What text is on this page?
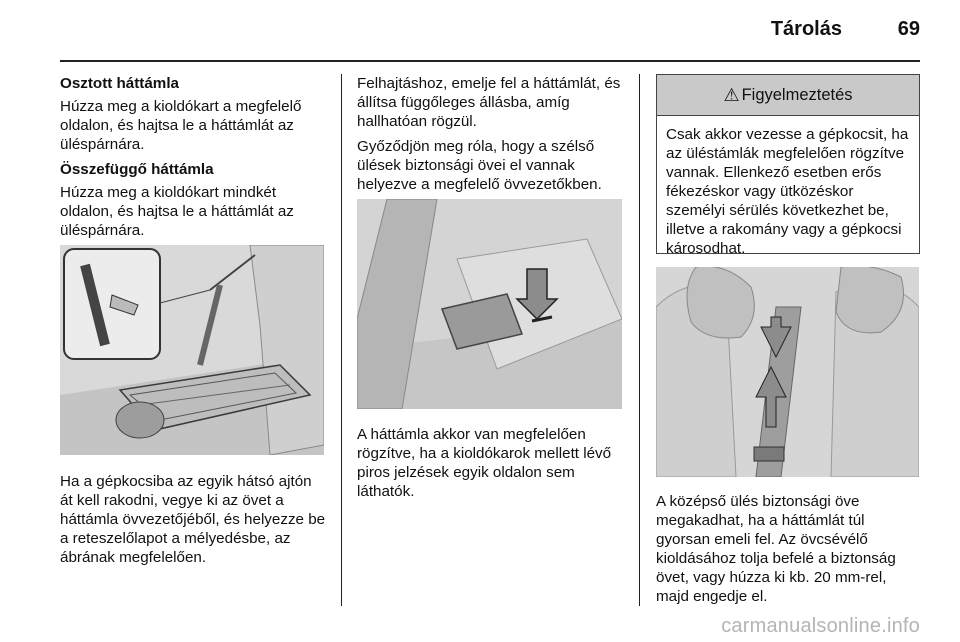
Tárolás	69

Osztott háttámla

Húzza meg a kioldókart a megfelelő oldalon, és hajtsa le a háttámlát az üléspárnára.

Összefüggő háttámla

Húzza meg a kioldókart mindkét oldalon, és hajtsa le a háttámlát az üléspárnára.

Ha a gépkocsiba az egyik hátsó ajtón át kell rakodni, vegye ki az övet a háttámla övvezetőjéből, és helyezze be a reteszelőlapot a mélyedésbe, az ábrának megfelelően.

Felhajtáshoz, emelje fel a háttámlát, és állítsa függőleges állásba, amíg hallhatóan rögzül.

Győződjön meg róla, hogy a szélső ülések biztonsági övei el vannak helyezve a megfelelő övvezetőkben.

A háttámla akkor van megfelelően rögzítve, ha a kioldókarok mellett lévő piros jelzések egyik oldalon sem láthatók.

⚠ Figyelmeztetés
Csak akkor vezesse a gépkocsit, ha az üléstámlák megfelelően rögzítve vannak. Ellenkező esetben erős fékezéskor vagy ütközéskor személyi sérülés következhet be, illetve a rakomány vagy a gépkocsi károsodhat.

A középső ülés biztonsági öve megakadhat, ha a háttámlát túl gyorsan emeli fel. Az övcsévélő kioldásához tolja befelé a biztonság övet, vagy húzza ki kb. 20 mm-rel, majd engedje el.

carmanualsonline.info
